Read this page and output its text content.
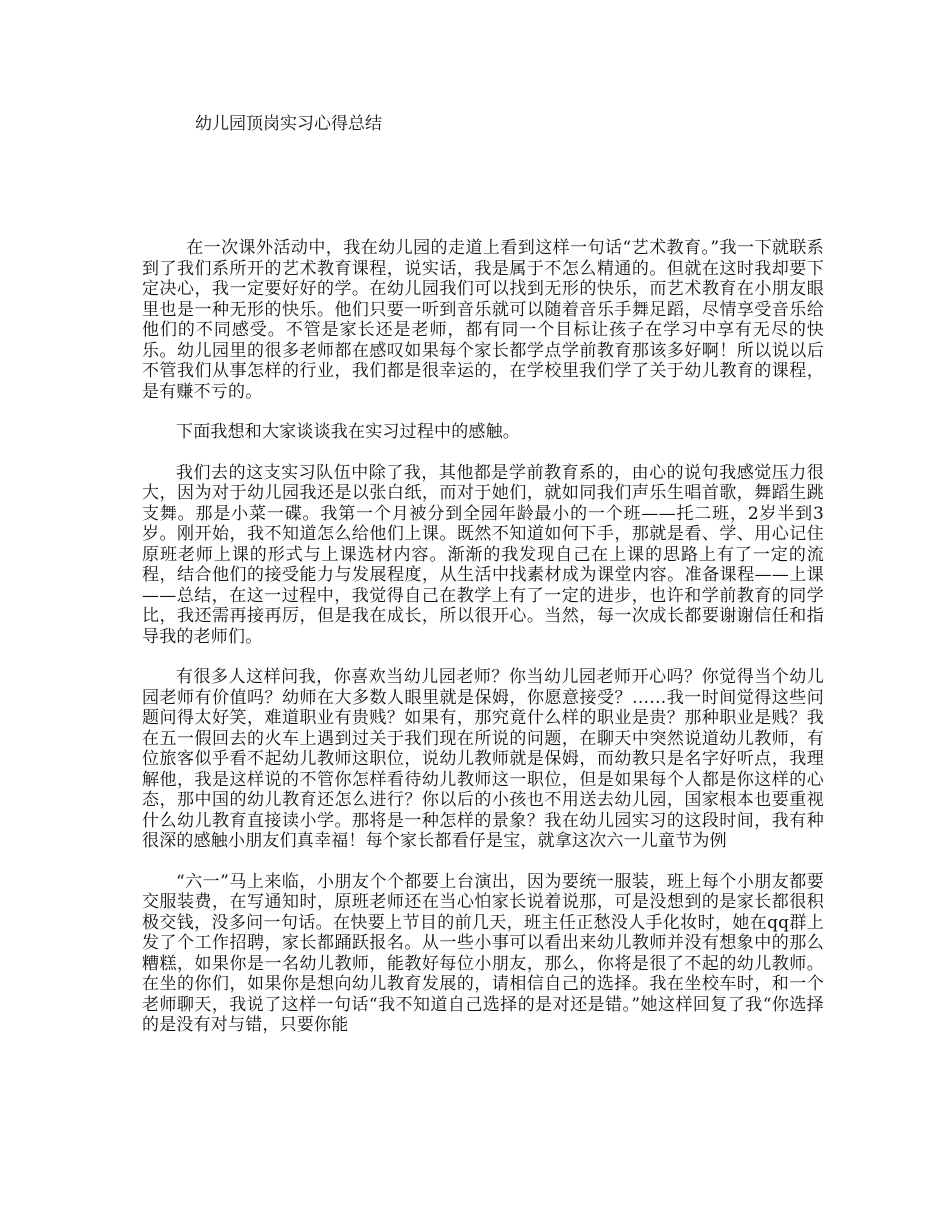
幼儿园顶岗实习心得总结

在一次课外活动中，我在幼儿园的走道上看到这样一句话“艺术教育。”我一下就联系到了我们系所开的艺术教育课程，说实话，我是属于不怎么精通的。但就在这时我却要下定决心，我一定要好好的学。在幼儿园我们可以找到无形的快乐，而艺术教育在小朋友眼里也是一种无形的快乐。他们只要一听到音乐就可以随着音乐手舞足蹈，尽情享受音乐给他们的不同感受。不管是家长还是老师，都有同一个目标让孩子在学习中享有无尽的快乐。幼儿园里的很多老师都在感叹如果每个家长都学点学前教育那该多好啊！所以说以后不管我们从事怎样的行业，我们都是很幸运的，在学校里我们学了关于幼儿教育的课程，是有赚不亏的。

下面我想和大家谈谈我在实习过程中的感触。

我们去的这支实习队伍中除了我，其他都是学前教育系的，由心的说句我感觉压力很大，因为对于幼儿园我还是以张白纸，而对于她们，就如同我们声乐生唱首歌，舞蹈生跳支舞。那是小菜一碟。我第一个月被分到全园年龄最小的一个班——托二班，2岁半到3岁。刚开始，我不知道怎么给他们上课。既然不知道如何下手，那就是看、学、用心记住原班老师上课的形式与上课选材内容。渐渐的我发现自己在上课的思路上有了一定的流程，结合他们的接受能力与发展程度，从生活中找素材成为课堂内容。准备课程——上课——总结，在这一过程中，我觉得自己在教学上有了一定的进步，也许和学前教育的同学比，我还需再接再厉，但是我在成长，所以很开心。当然，每一次成长都要谢谢信任和指导我的老师们。

有很多人这样问我，你喜欢当幼儿园老师？你当幼儿园老师开心吗？你觉得当个幼儿园老师有价值吗？幼师在大多数人眼里就是保姆，你愿意接受？……我一时间觉得这些问题问得太好笑，难道职业有贵贱？如果有，那究竟什么样的职业是贵？那种职业是贱？我在五一假回去的火车上遇到过关于我们现在所说的问题，在聊天中突然说道幼儿教师，有位旅客似乎看不起幼儿教师这职位，说幼儿教师就是保姆，而幼教只是名字好听点，我理解他，我是这样说的不管你怎样看待幼儿教师这一职位，但是如果每个人都是你这样的心态，那中国的幼儿教育还怎么进行？你以后的小孩也不用送去幼儿园，国家根本也要重视什么幼儿教育直接读小学。那将是一种怎样的景象？我在幼儿园实习的这段时间，我有种很深的感触小朋友们真幸福！每个家长都看仔是宝，就拿这次六一儿童节为例

“六一”马上来临，小朋友个个都要上台演出，因为要统一服装，班上每个小朋友都要交服装费，在写通知时，原班老师还在当心怕家长说着说那，可是没想到的是家长都很积极交钱，没多问一句话。在快要上节目的前几天，班主任正愁没人手化妆时，她在qq群上发了个工作招聘，家长都踊跃报名。从一些小事可以看出来幼儿教师并没有想象中的那么糟糕，如果你是一名幼儿教师，能教好每位小朋友，那么，你将是很了不起的幼儿教师。在坐的你们，如果你是想向幼儿教育发展的，请相信自己的选择。我在坐校车时，和一个老师聊天，我说了这样一句话“我不知道自己选择的是对还是错。”她这样回复了我“你选择的是没有对与错，只要你能
